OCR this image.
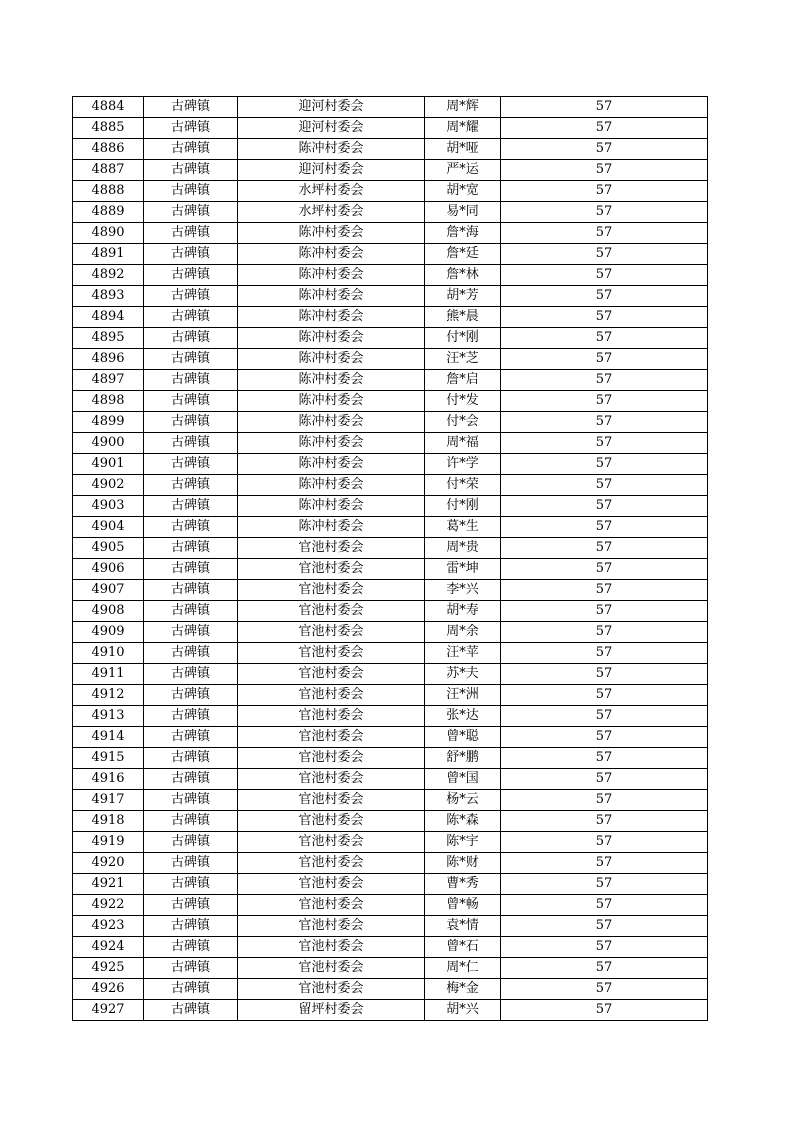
4884	古碑镇	迎河村委会	周*辉	57
4885	古碑镇	迎河村委会	周*耀	57
4886	古碑镇	陈冲村委会	胡*哑	57
4887	古碑镇	迎河村委会	严*运	57
4888	古碑镇	水坪村委会	胡*宽	57
4889	古碑镇	水坪村委会	易*同	57
4890	古碑镇	陈冲村委会	詹*海	57
4891	古碑镇	陈冲村委会	詹*廷	57
4892	古碑镇	陈冲村委会	詹*林	57
4893	古碑镇	陈冲村委会	胡*芳	57
4894	古碑镇	陈冲村委会	熊*晨	57
4895	古碑镇	陈冲村委会	付*刚	57
4896	古碑镇	陈冲村委会	汪*芝	57
4897	古碑镇	陈冲村委会	詹*启	57
4898	古碑镇	陈冲村委会	付*发	57
4899	古碑镇	陈冲村委会	付*会	57
4900	古碑镇	陈冲村委会	周*福	57
4901	古碑镇	陈冲村委会	许*学	57
4902	古碑镇	陈冲村委会	付*荣	57
4903	古碑镇	陈冲村委会	付*刚	57
4904	古碑镇	陈冲村委会	葛*生	57
4905	古碑镇	官池村委会	周*贵	57
4906	古碑镇	官池村委会	雷*坤	57
4907	古碑镇	官池村委会	李*兴	57
4908	古碑镇	官池村委会	胡*寿	57
4909	古碑镇	官池村委会	周*余	57
4910	古碑镇	官池村委会	汪*苹	57
4911	古碑镇	官池村委会	苏*夫	57
4912	古碑镇	官池村委会	汪*洲	57
4913	古碑镇	官池村委会	张*达	57
4914	古碑镇	官池村委会	曾*聪	57
4915	古碑镇	官池村委会	舒*鹏	57
4916	古碑镇	官池村委会	曾*国	57
4917	古碑镇	官池村委会	杨*云	57
4918	古碑镇	官池村委会	陈*森	57
4919	古碑镇	官池村委会	陈*宇	57
4920	古碑镇	官池村委会	陈*财	57
4921	古碑镇	官池村委会	曹*秀	57
4922	古碑镇	官池村委会	曾*畅	57
4923	古碑镇	官池村委会	袁*情	57
4924	古碑镇	官池村委会	曾*石	57
4925	古碑镇	官池村委会	周*仁	57
4926	古碑镇	官池村委会	梅*金	57
4927	古碑镇	留坪村委会	胡*兴	57
